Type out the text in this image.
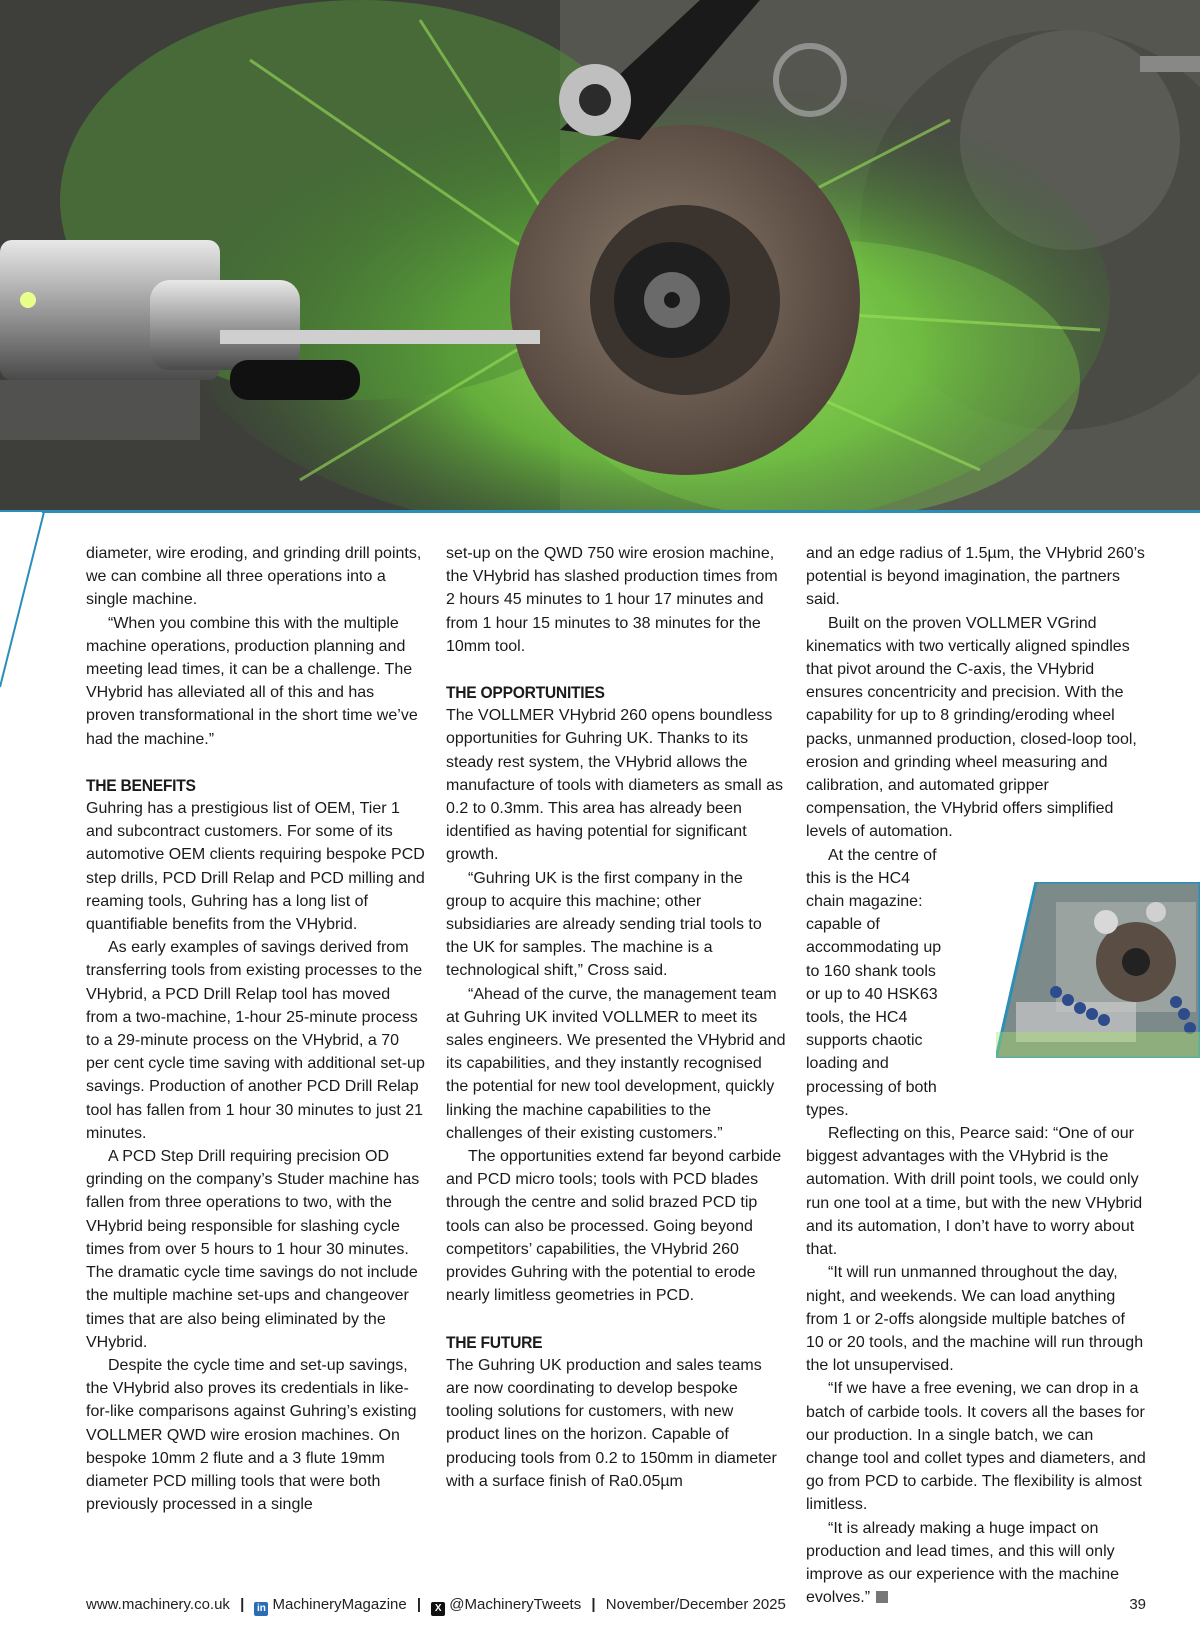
diameter, wire eroding, and grinding drill points, we can combine all three operations into a single machine.

“When you combine this with the multiple machine operations, production planning and meeting lead times, it can be a challenge. The VHybrid has alleviated all of this and has proven transformational in the short time we’ve had the machine.”

THE BENEFITS

Guhring has a prestigious list of OEM, Tier 1 and subcontract customers. For some of its automotive OEM clients requiring bespoke PCD step drills, PCD Drill Relap and PCD milling and reaming tools, Guhring has a long list of quantifiable benefits from the VHybrid.

As early examples of savings derived from transferring tools from existing processes to the VHybrid, a PCD Drill Relap tool has moved from a two-machine, 1-hour 25-minute process to a 29-minute process on the VHybrid, a 70 per cent cycle time saving with additional set-up savings. Production of another PCD Drill Relap tool has fallen from 1 hour 30 minutes to just 21 minutes.

A PCD Step Drill requiring precision OD grinding on the company’s Studer machine has fallen from three operations to two, with the VHybrid being responsible for slashing cycle times from over 5 hours to 1 hour 30 minutes. The dramatic cycle time savings do not include the multiple machine set-ups and changeover times that are also being eliminated by the VHybrid.

Despite the cycle time and set-up savings, the VHybrid also proves its credentials in like-for-like comparisons against Guhring’s existing VOLLMER QWD wire erosion machines. On bespoke 10mm 2 flute and a 3 flute 19mm diameter PCD milling tools that were both previously processed in a single

set-up on the QWD 750 wire erosion machine, the VHybrid has slashed production times from 2 hours 45 minutes to 1 hour 17 minutes and from 1 hour 15 minutes to 38 minutes for the 10mm tool.

THE OPPORTUNITIES

The VOLLMER VHybrid 260 opens boundless opportunities for Guhring UK. Thanks to its steady rest system, the VHybrid allows the manufacture of tools with diameters as small as 0.2 to 0.3mm. This area has already been identified as having potential for significant growth.

“Guhring UK is the first company in the group to acquire this machine; other subsidiaries are already sending trial tools to the UK for samples. The machine is a technological shift,” Cross said.

“Ahead of the curve, the management team at Guhring UK invited VOLLMER to meet its sales engineers. We presented the VHybrid and its capabilities, and they instantly recognised the potential for new tool development, quickly linking the machine capabilities to the challenges of their existing customers.”

The opportunities extend far beyond carbide and PCD micro tools; tools with PCD blades through the centre and solid brazed PCD tip tools can also be processed. Going beyond competitors’ capabilities, the VHybrid 260 provides Guhring with the potential to erode nearly limitless geometries in PCD.

THE FUTURE

The Guhring UK production and sales teams are now coordinating to develop bespoke tooling solutions for customers, with new product lines on the horizon. Capable of producing tools from 0.2 to 150mm in diameter with a surface finish of Ra0.05µm

and an edge radius of 1.5µm, the VHybrid 260’s potential is beyond imagination, the partners said.

Built on the proven VOLLMER VGrind kinematics with two vertically aligned spindles that pivot around the C-axis, the VHybrid ensures concentricity and precision. With the capability for up to 8 grinding/eroding wheel packs, unmanned production, closed-loop tool, erosion and grinding wheel measuring and calibration, and automated gripper compensation, the VHybrid offers simplified levels of automation.

At the centre of this is the HC4 chain magazine: capable of accommodating up to 160 shank tools or up to 40 HSK63 tools, the HC4 supports chaotic loading and processing of both types.

Reflecting on this, Pearce said: “One of our biggest advantages with the VHybrid is the automation. With drill point tools, we could only run one tool at a time, but with the new VHybrid and its automation, I don’t have to worry about that.

“It will run unmanned throughout the day, night, and weekends. We can load anything from 1 or 2-offs alongside multiple batches of 10 or 20 tools, and the machine will run through the lot unsupervised.

“If we have a free evening, we can drop in a batch of carbide tools. It covers all the bases for our production. In a single batch, we can change tool and collet types and diameters, and go from PCD to carbide. The flexibility is almost limitless.

“It is already making a huge impact on production and lead times, and this will only improve as our experience with the machine evolves.”

www.machinery.co.uk | in MachineryMagazine | X @MachineryTweets | November/December 2025	39
